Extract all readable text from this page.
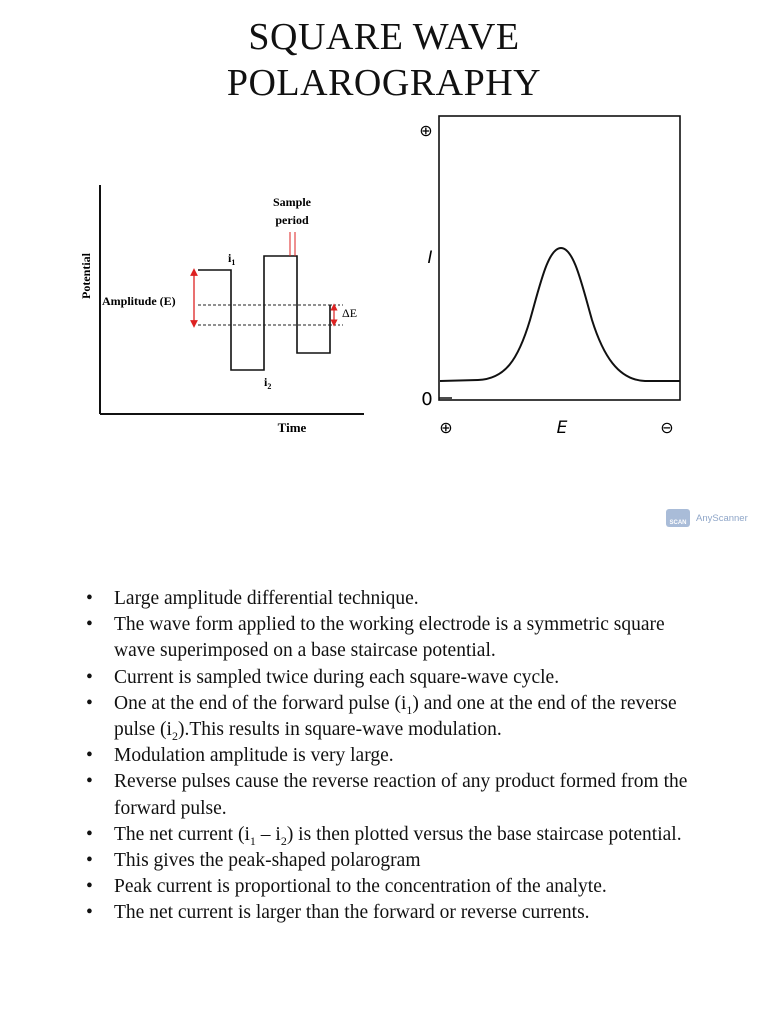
SQUARE WAVE
POLAROGRAPHY
Potential
Time
Amplitude (E)
ΔE
Sample
period
$i_1$
$i_2$
⊕
I
0
⊕	E	⊖
SCAN	AnyScanner
• Large amplitude differential technique.
• The wave form applied to the working electrode is a symmetric square wave superimposed on a base staircase potential.
• Current is sampled twice during each square-wave cycle.
• One at the end of the forward pulse $(i_1)$ and one at the end of the reverse pulse $(i_2).This$ results in square-wave modulation.
• Modulation amplitude is very large.
• Reverse pulses cause the reverse reaction of any product formed from the forward pulse.
• The net current $(i_1 - i_2)$ is then plotted versus the base staircase potential.
• This gives the peak-shaped polarogram
• Peak current is proportional to the concentration of the analyte.
• The net current is larger than the forward or reverse currents.
